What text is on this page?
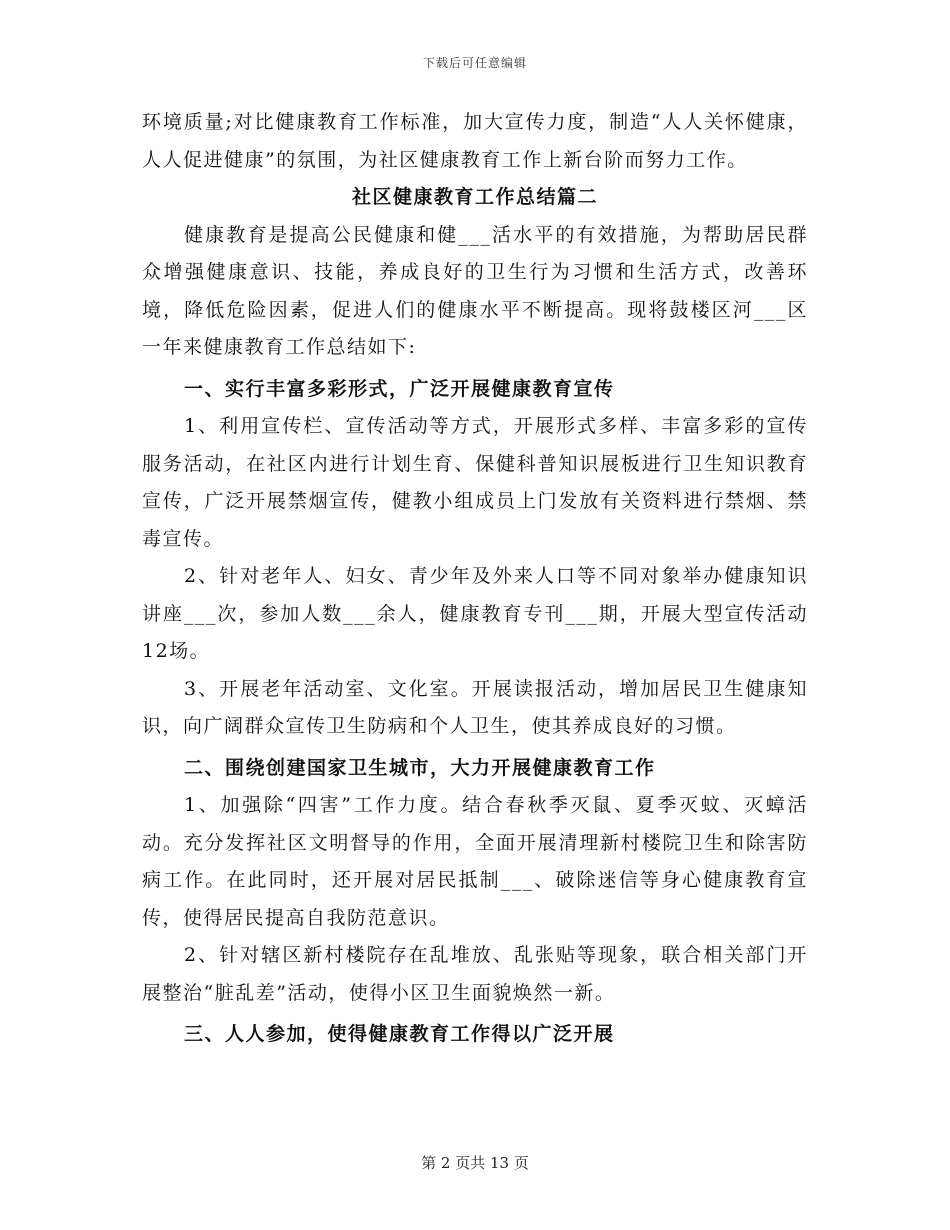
下载后可任意编辑

环境质量;对比健康教育工作标准，加大宣传力度，制造“人人关怀健康，人人促进健康”的氛围，为社区健康教育工作上新台阶而努力工作。

社区健康教育工作总结篇二

健康教育是提高公民健康和健___活水平的有效措施，为帮助居民群众增强健康意识、技能，养成良好的卫生行为习惯和生活方式，改善环境，降低危险因素，促进人们的健康水平不断提高。现将鼓楼区河___区一年来健康教育工作总结如下:

一、实行丰富多彩形式，广泛开展健康教育宣传

1、利用宣传栏、宣传活动等方式，开展形式多样、丰富多彩的宣传服务活动，在社区内进行计划生育、保健科普知识展板进行卫生知识教育宣传，广泛开展禁烟宣传，健教小组成员上门发放有关资料进行禁烟、禁毒宣传。

2、针对老年人、妇女、青少年及外来人口等不同对象举办健康知识讲座___次，参加人数___余人，健康教育专刊___期，开展大型宣传活动12场。

3、开展老年活动室、文化室。开展读报活动，增加居民卫生健康知识，向广阔群众宣传卫生防病和个人卫生，使其养成良好的习惯。

二、围绕创建国家卫生城市，大力开展健康教育工作

1、加强除“四害”工作力度。结合春秋季灭鼠、夏季灭蚊、灭蟑活动。充分发挥社区文明督导的作用，全面开展清理新村楼院卫生和除害防病工作。在此同时，还开展对居民抵制___、破除迷信等身心健康教育宣传，使得居民提高自我防范意识。

2、针对辖区新村楼院存在乱堆放、乱张贴等现象，联合相关部门开展整治“脏乱差”活动，使得小区卫生面貌焕然一新。

三、人人参加，使得健康教育工作得以广泛开展

第 2 页共 13 页
